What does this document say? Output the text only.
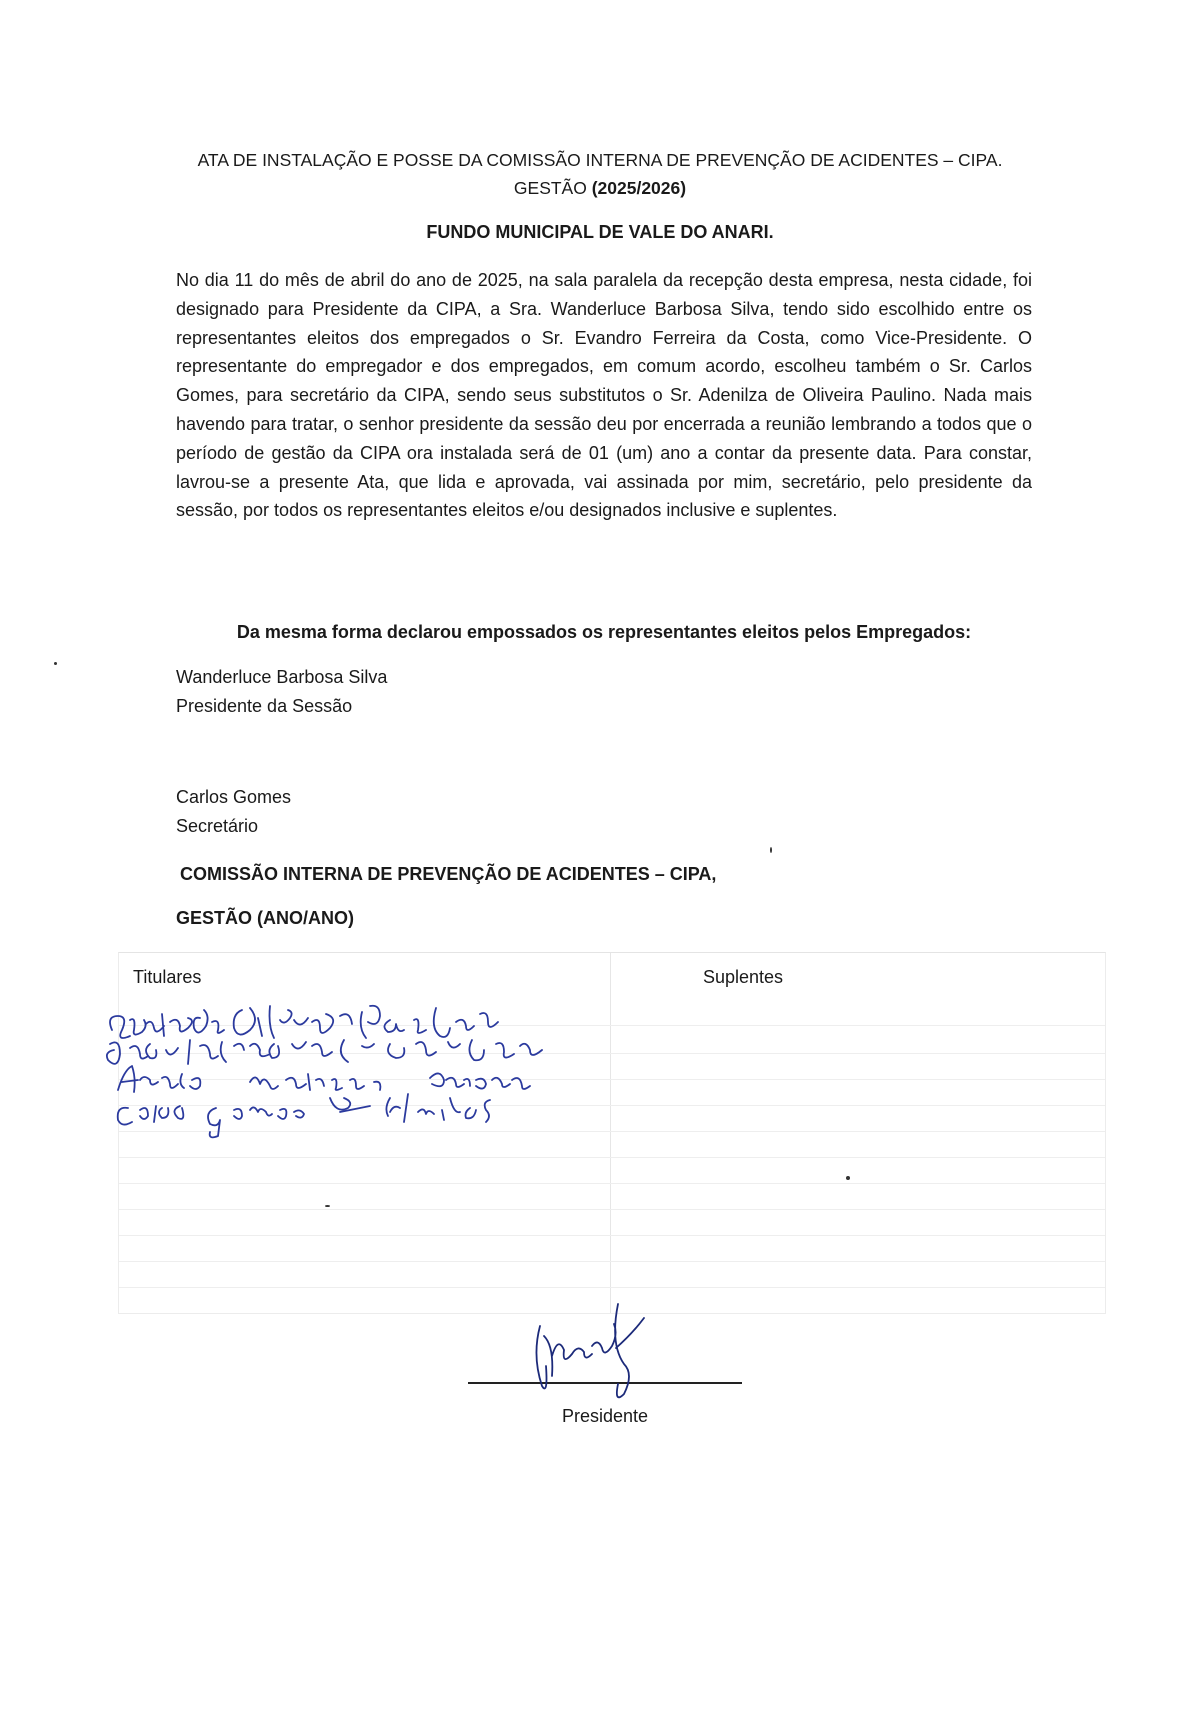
ATA DE INSTALAÇÃO E POSSE DA COMISSÃO INTERNA DE PREVENÇÃO DE ACIDENTES – CIPA.
GESTÃO (2025/2026)
FUNDO MUNICIPAL DE VALE DO ANARI.
No dia 11 do mês de abril do ano de 2025, na sala paralela da recepção desta empresa, nesta cidade, foi designado para Presidente da CIPA, a Sra. Wanderluce Barbosa Silva, tendo sido escolhido entre os representantes eleitos dos empregados o Sr. Evandro Ferreira da Costa, como Vice-Presidente. O representante do empregador e dos empregados, em comum acordo, escolheu também o Sr. Carlos Gomes, para secretário da CIPA, sendo seus substitutos o Sr. Adenilza de Oliveira Paulino. Nada mais havendo para tratar, o senhor presidente da sessão deu por encerrada a reunião lembrando a todos que o período de gestão da CIPA ora instalada será de 01 (um) ano a contar da presente data. Para constar, lavrou-se a presente Ata, que lida e aprovada, vai assinada por mim, secretário, pelo presidente da sessão, por todos os representantes eleitos e/ou designados inclusive e suplentes.
Da mesma forma declarou empossados os representantes eleitos pelos Empregados:
Wanderluce Barbosa Silva
Presidente da Sessão
Carlos Gomes
Secretário
COMISSÃO INTERNA DE PREVENÇÃO DE ACIDENTES – CIPA,
GESTÃO (ANO/ANO)
Titulares	Suplentes
Presidente
